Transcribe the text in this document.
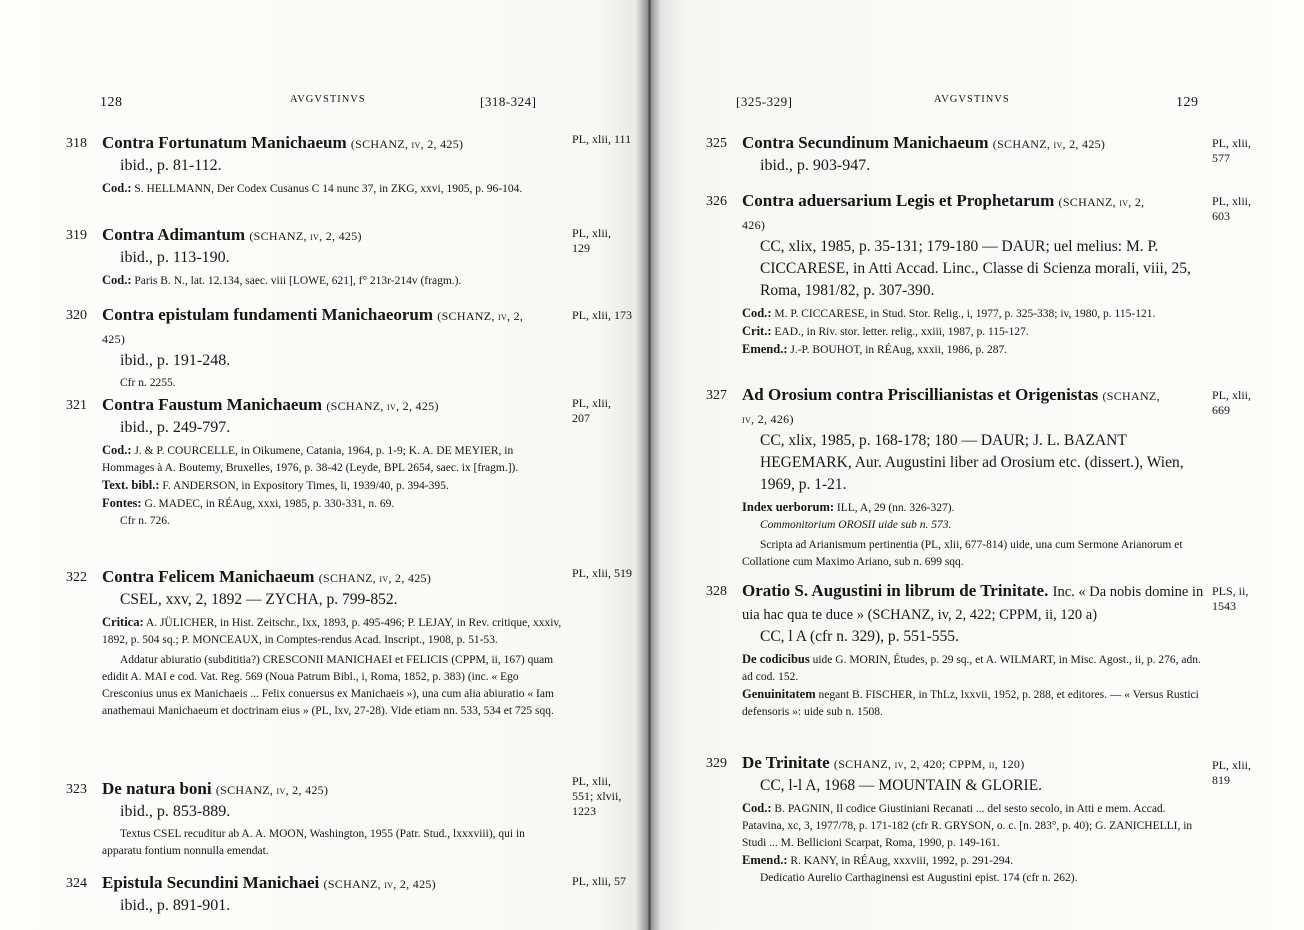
128	AVGVSTINVS	[318-324]
318 Contra Fortunatum Manichaeum (SCHANZ, iv, 2, 425)
ibid., p. 81-112.
Cod.: S. HELLMANN, Der Codex Cusanus C 14 nunc 37, in ZKG, xxvi, 1905, p. 96-104.
PL, xlii, 111
319 Contra Adimantum (SCHANZ, iv, 2, 425)
ibid., p. 113-190.
Cod.: Paris B. N., lat. 12.134, saec. viii [LOWE, 621], f° 213r-214v (fragm.).
PL, xlii, 129
320 Contra epistulam fundamenti Manichaeorum (SCHANZ, iv, 2,
425)
ibid., p. 191-248.
Cfr n. 2255.
PL, xlii, 173
321 Contra Faustum Manichaeum (SCHANZ, iv, 2, 425)
ibid., p. 249-797.
Cod.: J. & P. COURCELLE, in Oikumene, Catania, 1964, p. 1-9; K. A. DE MEYIER, in Hommages à A. Boutemy, Bruxelles, 1976, p. 38-42 (Leyde, BPL 2654, saec. ix [fragm.]).
Text. bibl.: F. ANDERSON, in Expository Times, li, 1939/40, p. 394-395.
Fontes: G. MADEC, in RÉAug, xxxi, 1985, p. 330-331, n. 69.
Cfr n. 726.
PL, xlii, 207
322 Contra Felicem Manichaeum (SCHANZ, iv, 2, 425)
CSEL, xxv, 2, 1892 — ZYCHA, p. 799-852.
Critica: A. JÜLICHER, in Hist. Zeitschr., lxx, 1893, p. 495-496; P. LEJAY, in Rev. critique, xxxiv, 1892, p. 504 sq.; P. MONCEAUX, in Comptes-rendus Acad. Inscript., 1908, p. 51-53.
Addatur abiuratio (subdititia?) CRESCONII MANICHAEI et FELICIS (CPPM, ii, 167) quam edidit A. MAI e cod. Vat. Reg. 569 (Noua Patrum Bibl., i, Roma, 1852, p. 383) (inc. « Ego Cresconius unus ex Manichaeis ... Felix conuersus ex Manichaeis »), una cum alia abiuratio « Iam anathemaui Manichaeum et doctrinam eius » (PL, lxv, 27-28). Vide etiam nn. 533, 534 et 725 sqq.
PL, xlii, 519
323 De natura boni (SCHANZ, iv, 2, 425)
ibid., p. 853-889.
Textus CSEL recuditur ab A. A. MOON, Washington, 1955 (Patr. Stud., lxxxviii), qui in apparatu fontium nonnulla emendat.
PL, xlii, 551; xlvii, 1223
324 Epistula Secundini Manichaei (SCHANZ, iv, 2, 425)
ibid., p. 891-901.
PL, xlii, 57
[325-329]	AVGVSTINVS	129
325 Contra Secundinum Manichaeum (SCHANZ, iv, 2, 425)
ibid., p. 903-947.
PL, xlii, 577
326 Contra aduersarium Legis et Prophetarum (SCHANZ, iv, 2,
426)
CC, xlix, 1985, p. 35-131; 179-180 — DAUR; uel melius: M. P. CICCARESE, in Atti Accad. Linc., Classe di Scienza morali, viii, 25, Roma, 1981/82, p. 307-390.
Cod.: M. P. CICCARESE, in Stud. Stor. Relig., i, 1977, p. 325-338; iv, 1980, p. 115-121.
Crit.: EAD., in Riv. stor. letter. relig., xxiii, 1987, p. 115-127.
Emend.: J.-P. BOUHOT, in RÉAug, xxxii, 1986, p. 287.
PL, xlii, 603
327 Ad Orosium contra Priscillianistas et Origenistas (SCHANZ,
iv, 2, 426)
CC, xlix, 1985, p. 168-178; 180 — DAUR; J. L. BAZANT HEGEMARK, Aur. Augustini liber ad Orosium etc. (dissert.), Wien, 1969, p. 1-21.
Index uerborum: ILL, A, 29 (nn. 326-327).
Commonitorium OROSII uide sub n. 573.
Scripta ad Arianismum pertinentia (PL, xlii, 677-814) uide, una cum Sermone Arianorum et Collatione cum Maximo Ariano, sub n. 699 sqq.
PL, xlii, 669
328 Oratio S. Augustini in librum de Trinitate. Inc. « Da nobis domine in uia hac qua te duce » (SCHANZ, iv, 2, 422; CPPM, ii, 120 a)
CC, l A (cfr n. 329), p. 551-555.
De codicibus uide G. MORIN, Études, p. 29 sq., et A. WILMART, in Misc. Agost., ii, p. 276, adn. ad cod. 152.
Genuinitatem negant B. FISCHER, in ThLz, lxxvii, 1952, p. 288, et editores. — « Versus Rustici defensoris »: uide sub n. 1508.
PLS, ii, 1543
329 De Trinitate (SCHANZ, iv, 2, 420; CPPM, ii, 120)
CC, l-l A, 1968 — MOUNTAIN & GLORIE.
Cod.: B. PAGNIN, Il codice Giustiniani Recanati ... del sesto secolo, in Atti e mem. Accad. Patavina, xc, 3, 1977/78, p. 171-182 (cfr R. GRYSON, o. c. [n. 283°, p. 40); G. ZANICHELLI, in Studi ... M. Bellicioni Scarpat, Roma, 1990, p. 149-161.
Emend.: R. KANY, in RÉAug, xxxviii, 1992, p. 291-294.
Dedicatio Aurelio Carthaginensi est Augustini epist. 174 (cfr n. 262).
PL, xlii, 819
